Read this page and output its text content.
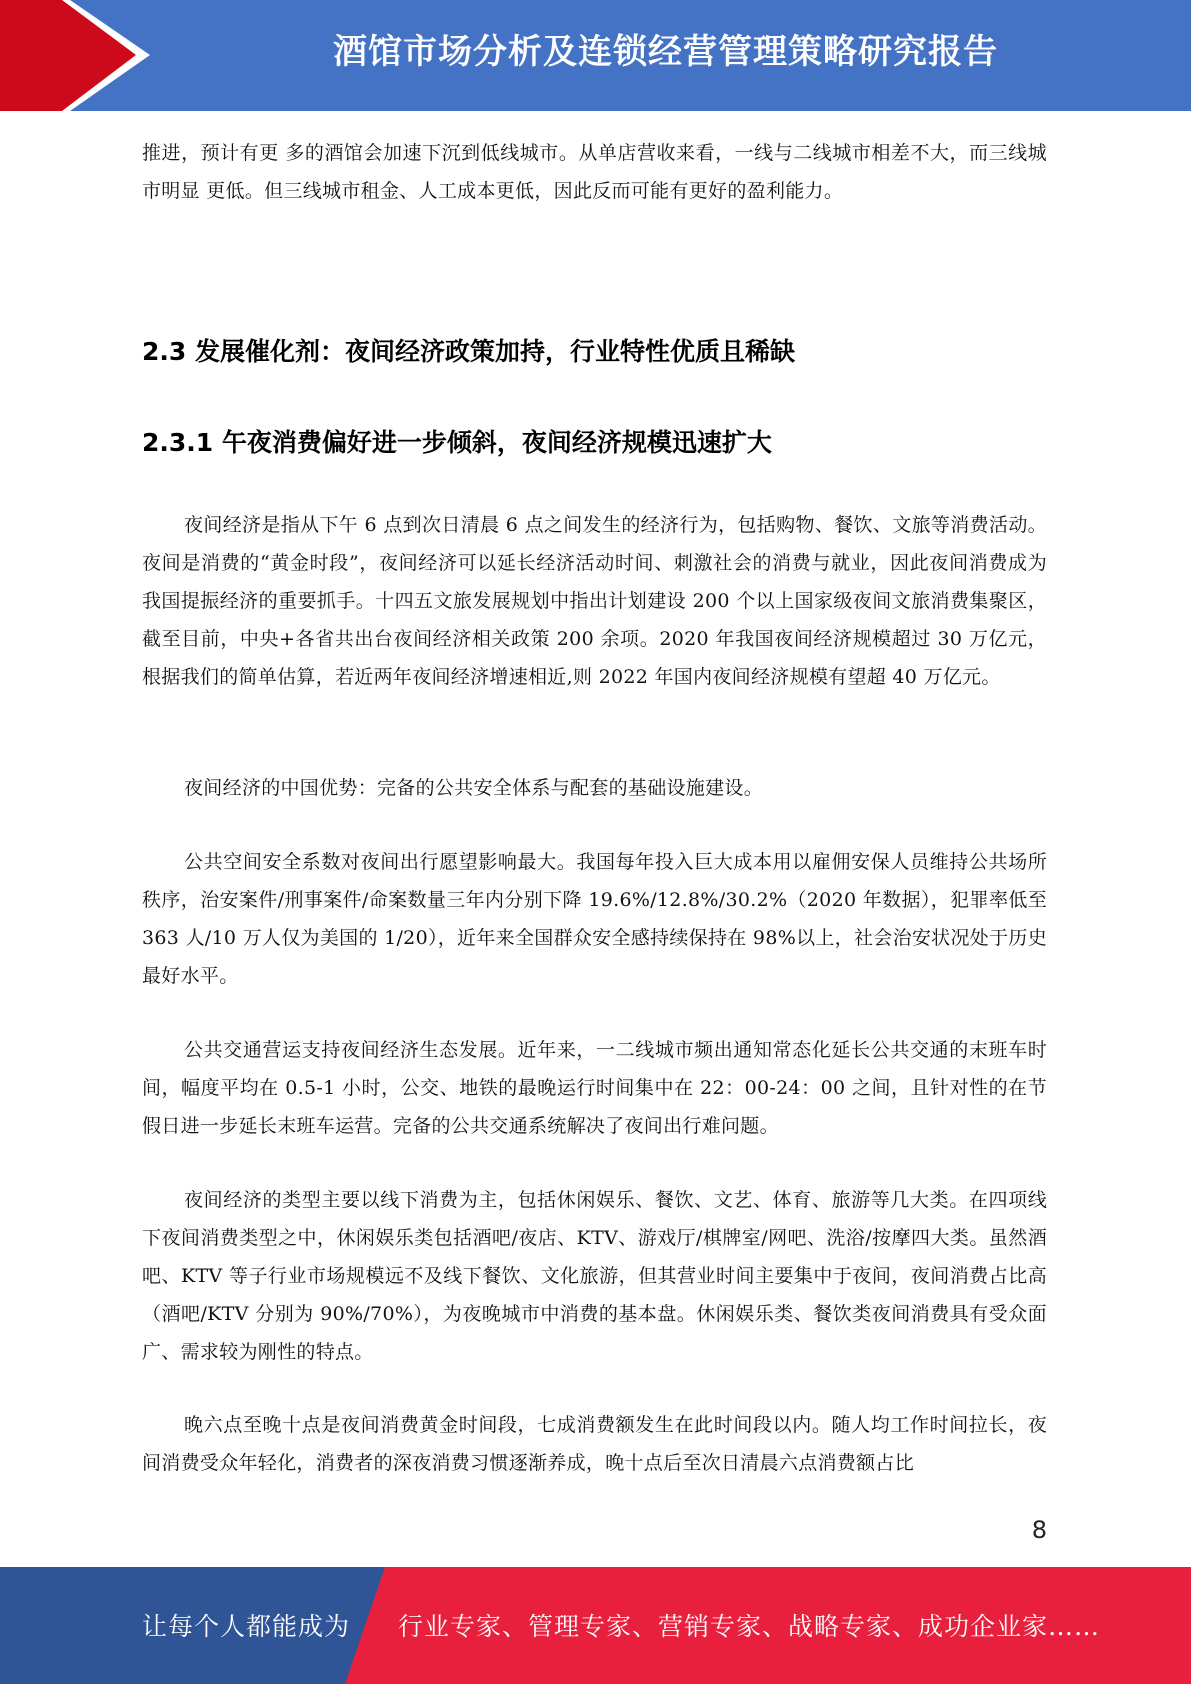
酒馆市场分析及连锁经营管理策略研究报告

推进，预计有更 多的酒馆会加速下沉到低线城市。从单店营收来看，一线与二线城市相差不大，而三线城市明显 更低。但三线城市租金、人工成本更低，因此反而可能有更好的盈利能力。

2.3 发展催化剂：夜间经济政策加持，行业特性优质且稀缺
2.3.1 午夜消费偏好进一步倾斜，夜间经济规模迅速扩大

夜间经济是指从下午 6 点到次日清晨 6 点之间发生的经济行为，包括购物、餐饮、文旅等消费活动。夜间是消费的“黄金时段”，夜间经济可以延长经济活动时间、刺激社会的消费与就业，因此夜间消费成为我国提振经济的重要抓手。十四五文旅发展规划中指出计划建设 200 个以上国家级夜间文旅消费集聚区，截至目前，中央+各省共出台夜间经济相关政策 200 余项。2020 年我国夜间经济规模超过 30 万亿元，根据我们的简单估算，若近两年夜间经济增速相近,则 2022 年国内夜间经济规模有望超 40 万亿元。

夜间经济的中国优势：完备的公共安全体系与配套的基础设施建设。

公共空间安全系数对夜间出行愿望影响最大。我国每年投入巨大成本用以雇佣安保人员维持公共场所秩序，治安案件/刑事案件/命案数量三年内分别下降 19.6%/12.8%/30.2%（2020 年数据），犯罪率低至 363 人/10 万人仅为美国的 1/20），近年来全国群众安全感持续保持在 98%以上，社会治安状况处于历史最好水平。

公共交通营运支持夜间经济生态发展。近年来，一二线城市频出通知常态化延长公共交通的末班车时间，幅度平均在 0.5-1 小时，公交、地铁的最晚运行时间集中在 22：00-24：00 之间，且针对性的在节假日进一步延长末班车运营。完备的公共交通系统解决了夜间出行难问题。

夜间经济的类型主要以线下消费为主，包括休闲娱乐、餐饮、文艺、体育、旅游等几大类。在四项线下夜间消费类型之中，休闲娱乐类包括酒吧/夜店、KTV、游戏厅/棋牌室/网吧、洗浴/按摩四大类。虽然酒吧、KTV 等子行业市场规模远不及线下餐饮、文化旅游，但其营业时间主要集中于夜间，夜间消费占比高（酒吧/KTV 分别为 90%/70%），为夜晚城市中消费的基本盘。休闲娱乐类、餐饮类夜间消费具有受众面广、需求较为刚性的特点。

晚六点至晚十点是夜间消费黄金时间段，七成消费额发生在此时间段以内。随人均工作时间拉长，夜间消费受众年轻化，消费者的深夜消费习惯逐渐养成，晚十点后至次日清晨六点消费额占比

8
让每个人都能成为 行业专家、管理专家、营销专家、战略专家、成功企业家……
